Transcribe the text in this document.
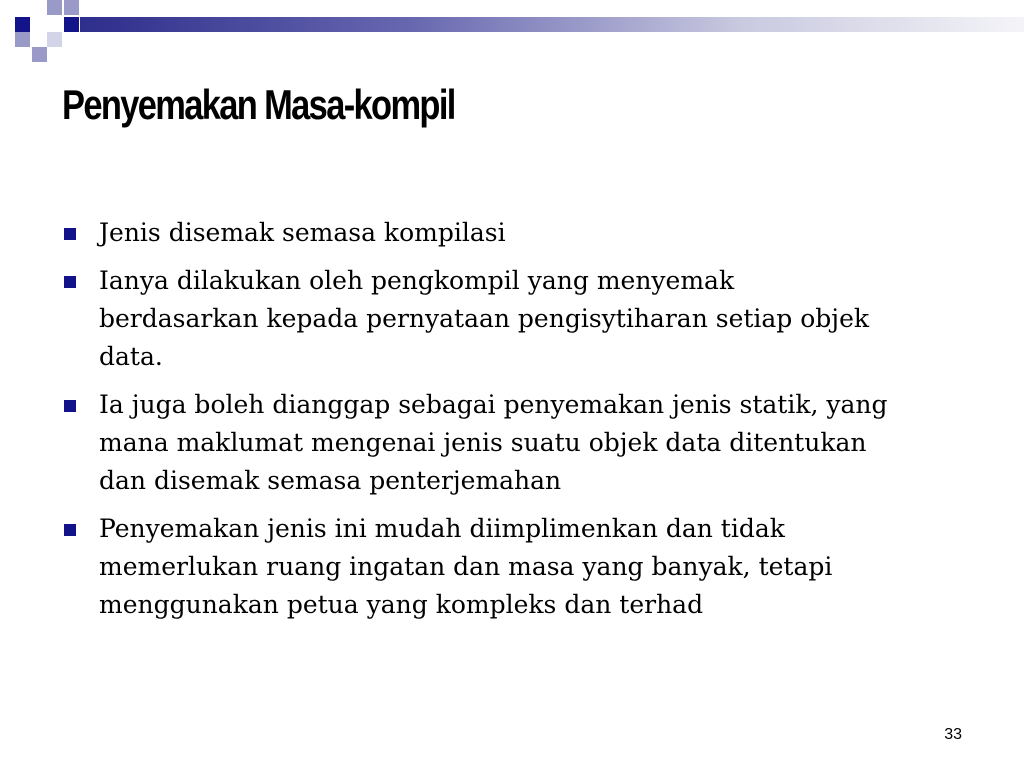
Penyemakan Masa-kompil
Jenis disemak semasa kompilasi
Ianya dilakukan oleh pengkompil yang menyemak
berdasarkan kepada pernyataan pengisytiharan setiap objek
data.
Ia juga boleh dianggap sebagai penyemakan jenis statik, yang
mana maklumat mengenai jenis suatu objek data ditentukan
dan disemak semasa penterjemahan
Penyemakan jenis ini mudah diimplimenkan dan tidak
memerlukan ruang ingatan dan masa yang banyak, tetapi
menggunakan petua yang kompleks dan terhad
33
